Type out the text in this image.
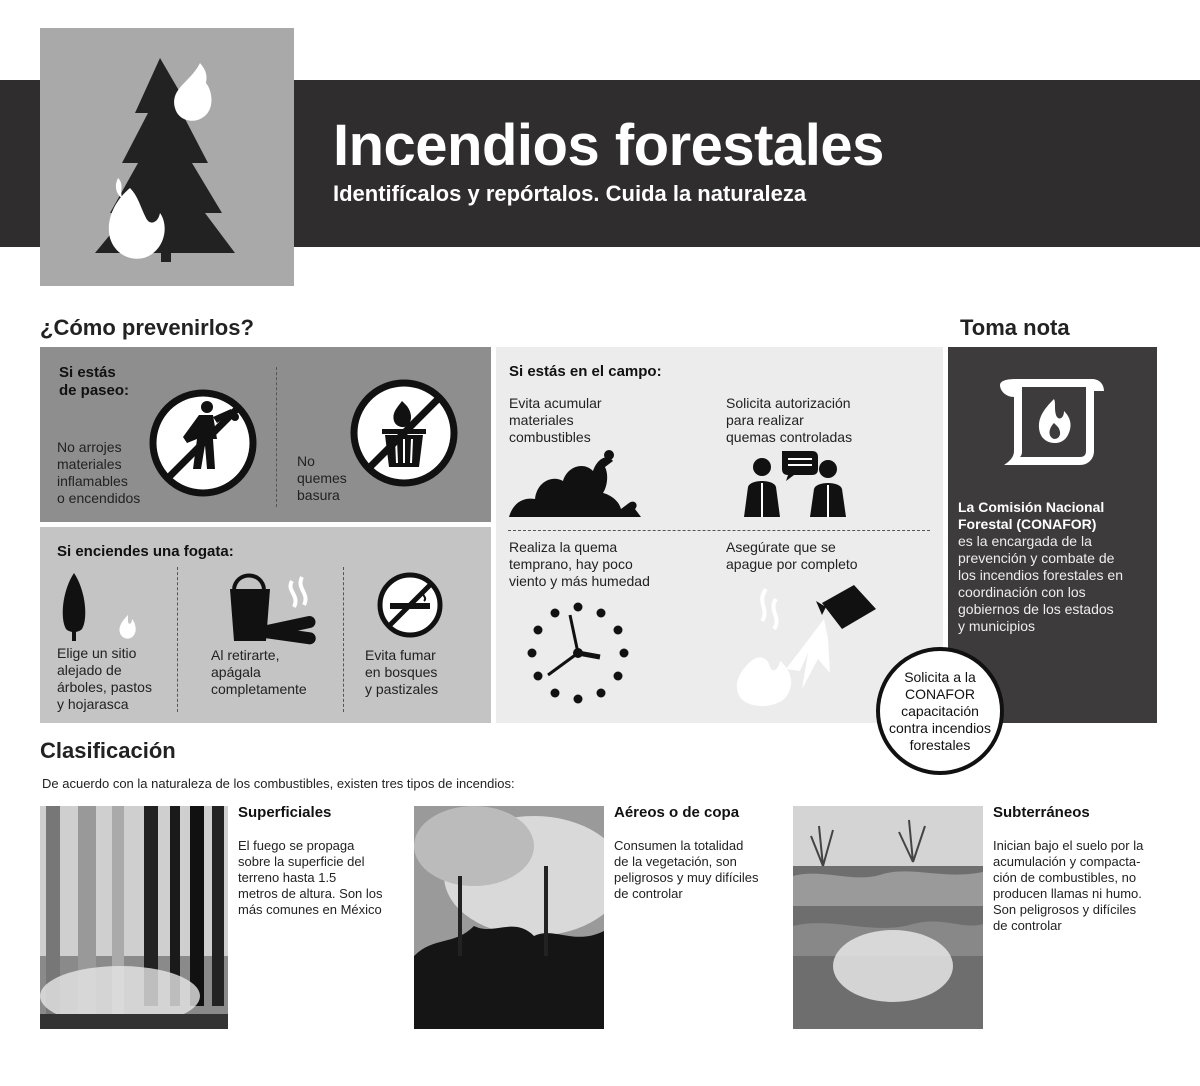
Incendios forestales
Identifícalos y repórtalos. Cuida la naturaleza
¿Cómo prevenirlos?
Si estás
de paseo:
No arrojes
materiales
inflamables
o encendidos
No
quemes
basura
Si enciendes una fogata:
Elige un sitio
alejado de
árboles, pastos
y hojarasca
Al retirarte,
apágala
completamente
Evita fumar
en bosques
y pastizales
Si estás en el campo:
Evita acumular
materiales
combustibles
Solicita autorización
para realizar
quemas controladas
Realiza la quema
temprano, hay poco
viento y más humedad
Asegúrate que se
apague por completo
Toma nota
La Comisión Nacional
Forestal (CONAFOR)
es la encargada de la
prevención y combate de
los incendios forestales en
coordinación con los
gobiernos de los estados
y municipios
Solicita a la
CONAFOR
capacitación
contra incendios
forestales
Clasificación
De acuerdo con la naturaleza de los combustibles, existen tres tipos de incendios:
Superficiales
El fuego se propaga
sobre la superficie del
terreno hasta 1.5
metros de altura. Son los
más comunes en México
Aéreos o de copa
Consumen la totalidad
de la vegetación, son
peligrosos y muy difíciles
de controlar
Subterráneos
Inician bajo el suelo por la
acumulación y compacta-
ción de combustibles, no
producen llamas ni humo.
Son peligrosos y difíciles
de controlar
